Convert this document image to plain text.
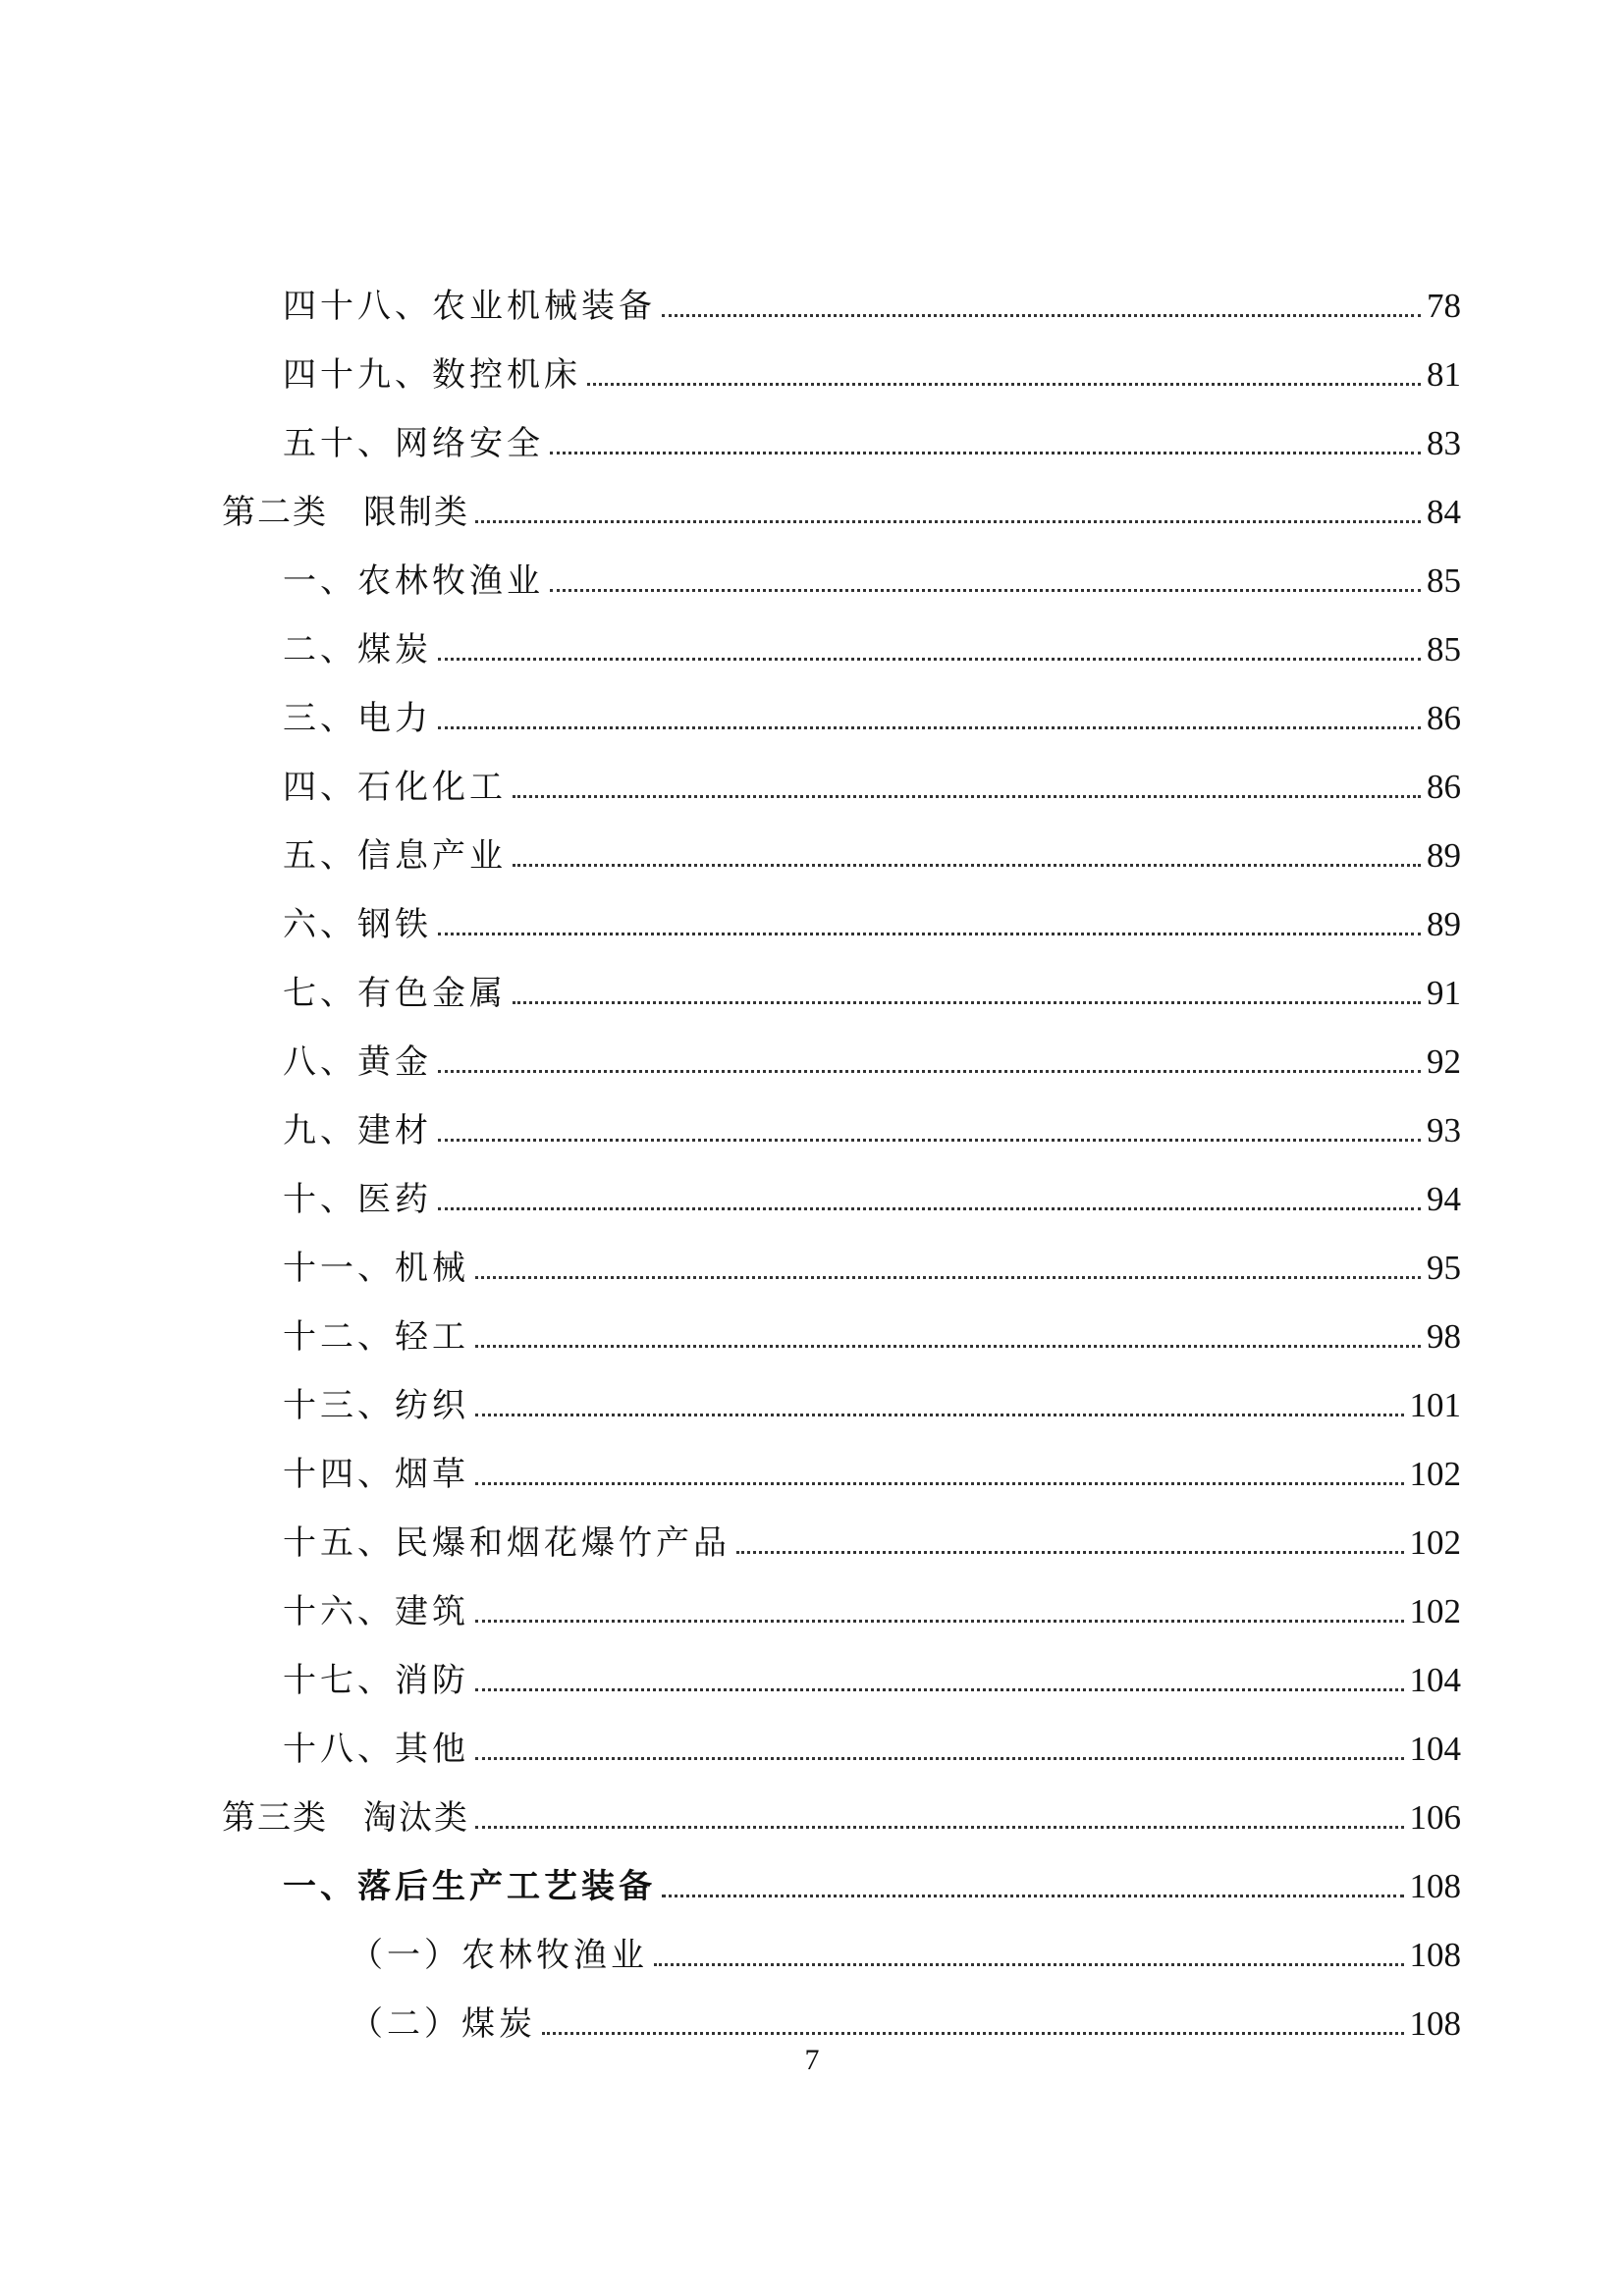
四十八、农业机械装备	78
四十九、数控机床	81
五十、网络安全	83
第二类　限制类	84
一、农林牧渔业	85
二、煤炭	85
三、电力	86
四、石化化工	86
五、信息产业	89
六、钢铁	89
七、有色金属	91
八、黄金	92
九、建材	93
十、医药	94
十一、机械	95
十二、轻工	98
十三、纺织	101
十四、烟草	102
十五、民爆和烟花爆竹产品	102
十六、建筑	102
十七、消防	104
十八、其他	104
第三类　淘汰类	106
一、落后生产工艺装备	108
（一）农林牧渔业	108
（二）煤炭	108
7
